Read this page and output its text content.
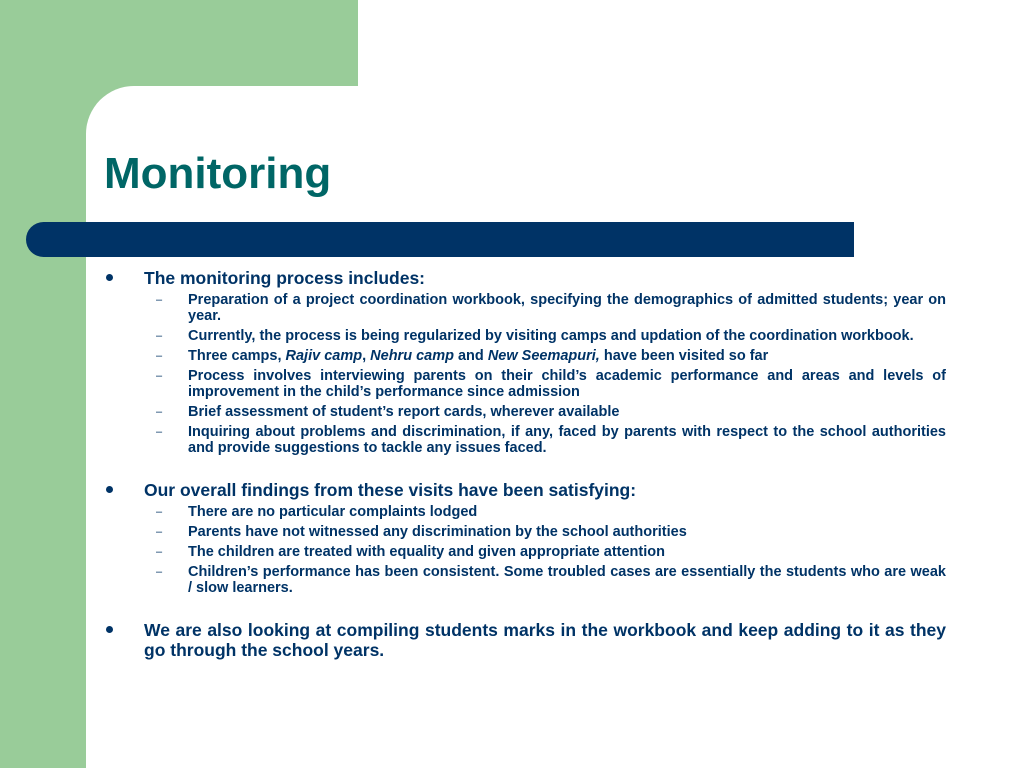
Monitoring
The monitoring process includes:
– Preparation of a project coordination workbook, specifying the demographics of admitted students; year on year.
– Currently, the process is being regularized by visiting camps and updation of the coordination workbook.
– Three camps, Rajiv camp, Nehru camp and New Seemapuri, have been visited so far
– Process involves interviewing parents on their child’s academic performance and areas and levels of improvement in the child’s performance since admission
– Brief assessment of student’s report cards, wherever available
– Inquiring about problems and discrimination, if any, faced by parents with respect to the school authorities and provide suggestions to tackle any issues faced.
Our overall findings from these visits have been satisfying:
– There are no particular complaints lodged
– Parents have not witnessed any discrimination by the school authorities
– The children are treated with equality and given appropriate attention
– Children’s performance has been consistent. Some troubled cases are essentially the students who are weak / slow learners.
We are also looking at compiling students marks in the workbook and keep adding to it as they go through the school years.
